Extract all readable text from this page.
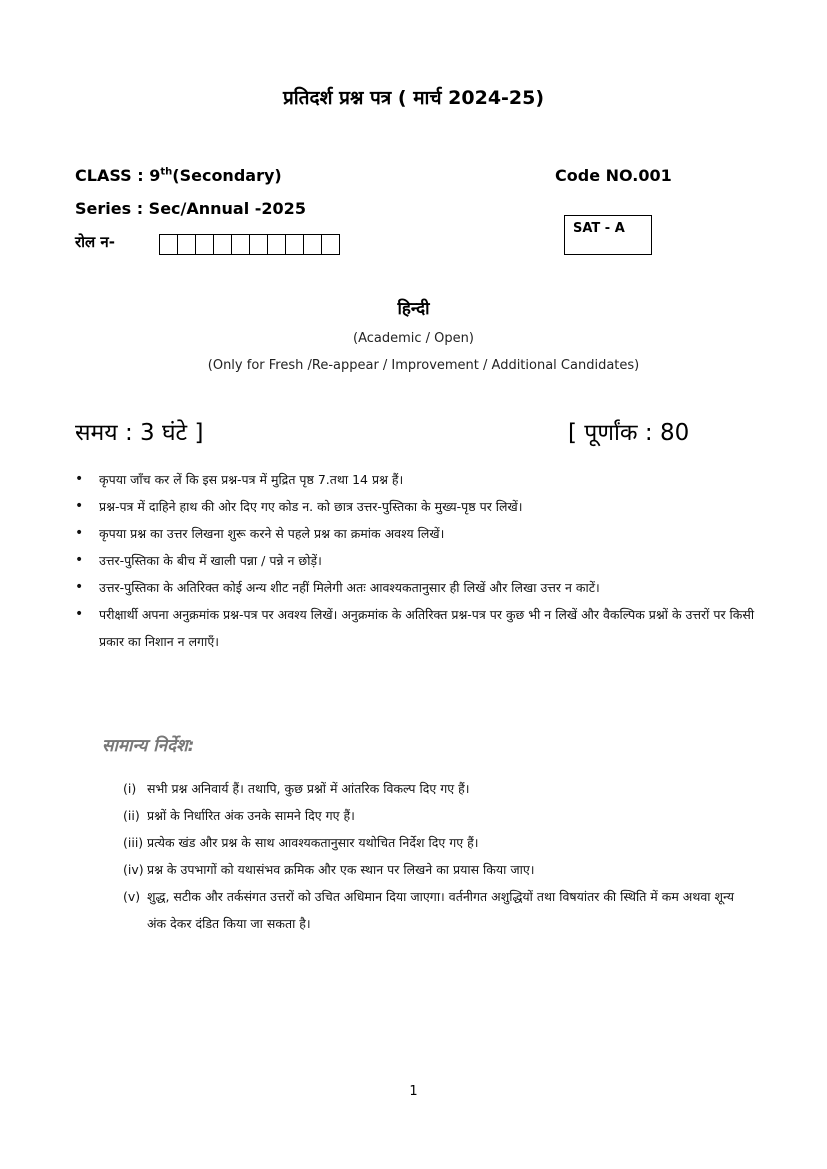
प्रतिदर्श प्रश्न पत्र ( मार्च 2024-25)
CLASS : 9th(Secondary)	Code NO.001
Series : Sec/Annual -2025
रोल न-
SAT - A
हिन्दी
(Academic / Open)
(Only for Fresh /Re-appear / Improvement / Additional Candidates)
समय : 3 घंटे ]	[ पूर्णांक : 80
• कृपया जाँच कर लें कि इस प्रश्न-पत्र में मुद्रित पृष्ठ 7.तथा 14 प्रश्न हैं।
• प्रश्न-पत्र में दाहिने हाथ की ओर दिए गए कोड न. को छात्र उत्तर-पुस्तिका के मुख्य-पृष्ठ पर लिखें।
• कृपया प्रश्न का उत्तर लिखना शुरू करने से पहले प्रश्न का क्रमांक अवश्य लिखें।
• उत्तर-पुस्तिका के बीच में खाली पन्ना / पन्ने न छोड़ें।
• उत्तर-पुस्तिका के अतिरिक्त कोई अन्य शीट नहीं मिलेगी अतः आवश्यकतानुसार ही लिखें और लिखा उत्तर न काटें।
• परीक्षार्थी अपना अनुक्रमांक प्रश्न-पत्र पर अवश्य लिखें। अनुक्रमांक के अतिरिक्त प्रश्न-पत्र पर कुछ भी न लिखें और वैकल्पिक प्रश्नों के उत्तरों पर किसी प्रकार का निशान न लगाएँ।
सामान्य निर्देश:
(i) सभी प्रश्न अनिवार्य हैं। तथापि, कुछ प्रश्नों में आंतरिक विकल्प दिए गए हैं।
(ii) प्रश्नों के निर्धारित अंक उनके सामने दिए गए हैं।
(iii) प्रत्येक खंड और प्रश्न के साथ आवश्यकतानुसार यथोचित निर्देश दिए गए हैं।
(iv) प्रश्न के उपभागों को यथासंभव क्रमिक और एक स्थान पर लिखने का प्रयास किया जाए।
(v) शुद्ध, सटीक और तर्कसंगत उत्तरों को उचित अधिमान दिया जाएगा। वर्तनीगत अशुद्धियों तथा विषयांतर की स्थिति में कम अथवा शून्य अंक देकर दंडित किया जा सकता है।
1
